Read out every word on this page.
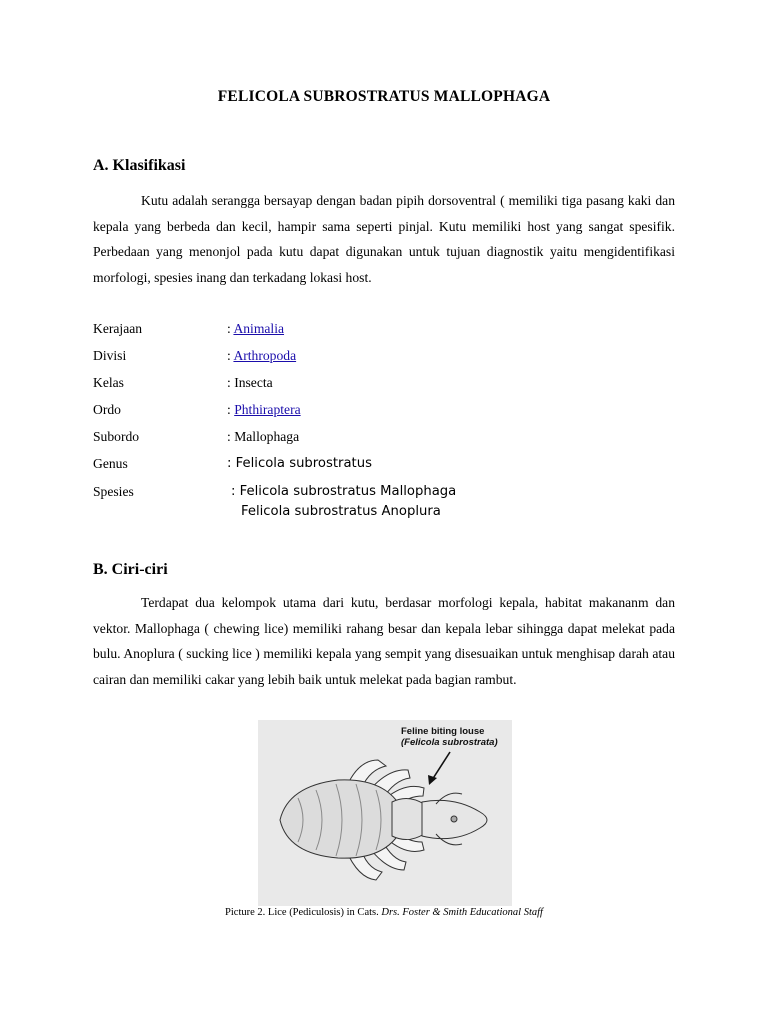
FELICOLA SUBROSTRATUS MALLOPHAGA
A. Klasifikasi
Kutu adalah serangga bersayap dengan badan pipih dorsoventral ( memiliki tiga pasang kaki dan kepala yang berbeda dan kecil, hampir sama seperti pinjal. Kutu memiliki host yang sangat spesifik. Perbedaan yang menonjol pada kutu dapat digunakan untuk tujuan diagnostik yaitu mengidentifikasi morfologi, spesies inang dan terkadang lokasi host.
Kerajaan	: Animalia
Divisi	: Arthropoda
Kelas	: Insecta
Ordo	: Phthiraptera
Subordo	: Mallophaga
Genus	: Felicola subrostratus
Spesies	: Felicola subrostratus Mallophaga
Felicola subrostratus Anoplura
B. Ciri-ciri
Terdapat dua kelompok utama dari kutu, berdasar morfologi kepala, habitat makananm dan vektor. Mallophaga ( chewing lice) memiliki rahang besar dan kepala lebar sihingga dapat melekat pada bulu. Anoplura ( sucking lice ) memiliki kepala yang sempit yang disesuaikan untuk menghisap darah atau cairan dan memiliki cakar yang lebih baik untuk melekat pada bagian rambut.
Feline biting louse
(Felicola subrostrata)
Picture 2. Lice (Pediculosis) in Cats. Drs. Foster & Smith Educational Staff
